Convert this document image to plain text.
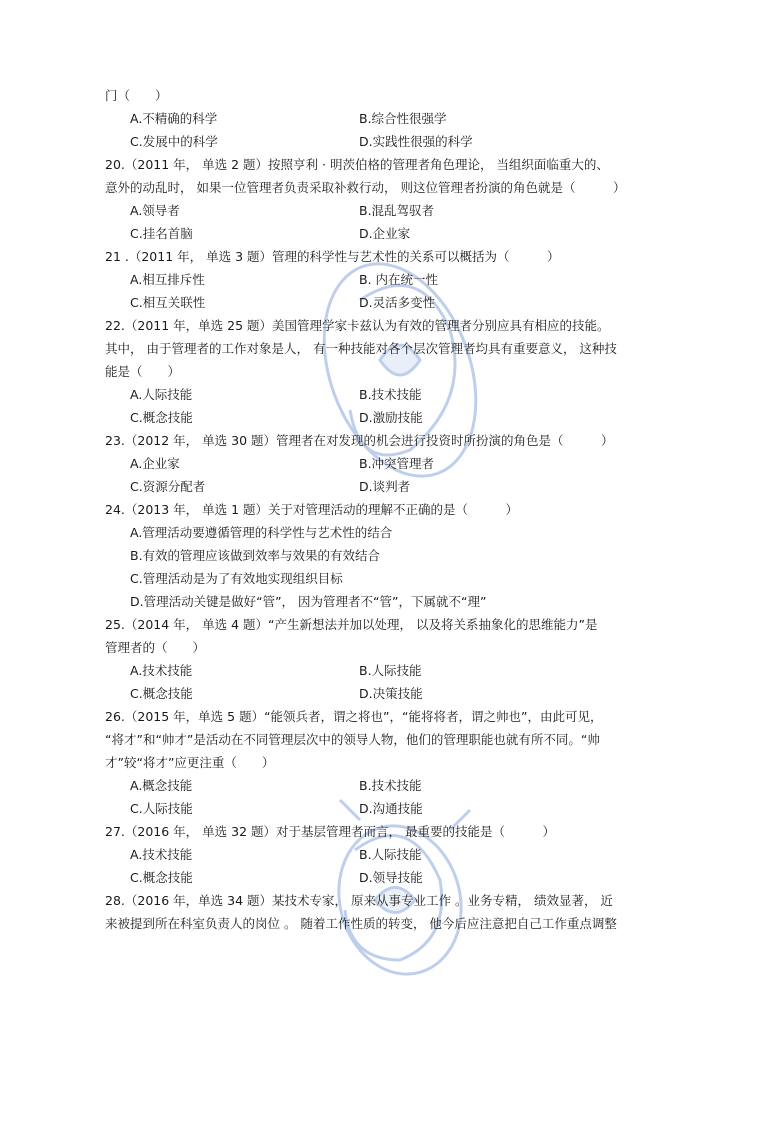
门（　　）
A.不精确的科学	B.综合性很强学
C.发展中的科学	D.实践性很强的科学
20.（2011 年， 单选 2 题）按照亨利 · 明茨伯格的管理者角色理论， 当组织面临重大的、
意外的动乱时， 如果一位管理者负责采取补救行动， 则这位管理者扮演的角色就是（　　　）
A.领导者	B.混乱驾驭者
C.挂名首脑	D.企业家
21 .（2011 年， 单选 3 题）管理的科学性与艺术性的关系可以概括为（　　　）
A.相互排斥性	B. 内在统一性
C.相互关联性	D.灵活多变性
22.（2011 年，单选 25 题）美国管理学家卡兹认为有效的管理者分别应具有相应的技能。
其中， 由于管理者的工作对象是人， 有一种技能对各个层次管理者均具有重要意义， 这种技
能是（　　）
A.人际技能	B.技术技能
C.概念技能	D.激励技能
23.（2012 年， 单选 30 题）管理者在对发现的机会进行投资时所扮演的角色是（　　　）
A.企业家	B.冲突管理者
C.资源分配者	D.谈判者
24.（2013 年， 单选 1 题）关于对管理活动的理解不正确的是（　　　）
A.管理活动要遵循管理的科学性与艺术性的结合
B.有效的管理应该做到效率与效果的有效结合
C.管理活动是为了有效地实现组织目标
D.管理活动关键是做好“管”， 因为管理者不“管”，下属就不“理”
25.（2014 年， 单选 4 题）“产生新想法并加以处理， 以及将关系抽象化的思维能力”是
管理者的（　　）
A.技术技能	B.人际技能
C.概念技能	D.决策技能
26.（2015 年，单选 5 题）“能领兵者，谓之将也”，“能将将者，谓之帅也”，由此可见，
“将才”和“帅才”是活动在不同管理层次中的领导人物，他们的管理职能也就有所不同。“帅
才”较“将才”应更注重（　　）
A.概念技能	B.技术技能
C.人际技能	D.沟通技能
27.（2016 年， 单选 32 题）对于基层管理者而言， 最重要的技能是（　　　）
A.技术技能	B.人际技能
C.概念技能	D.领导技能
28.（2016 年，单选 34 题）某技术专家， 原来从事专业工作 。业务专精， 绩效显著， 近
来被提到所在科室负责人的岗位 。 随着工作性质的转变， 他今后应注意把自己工作重点调整
